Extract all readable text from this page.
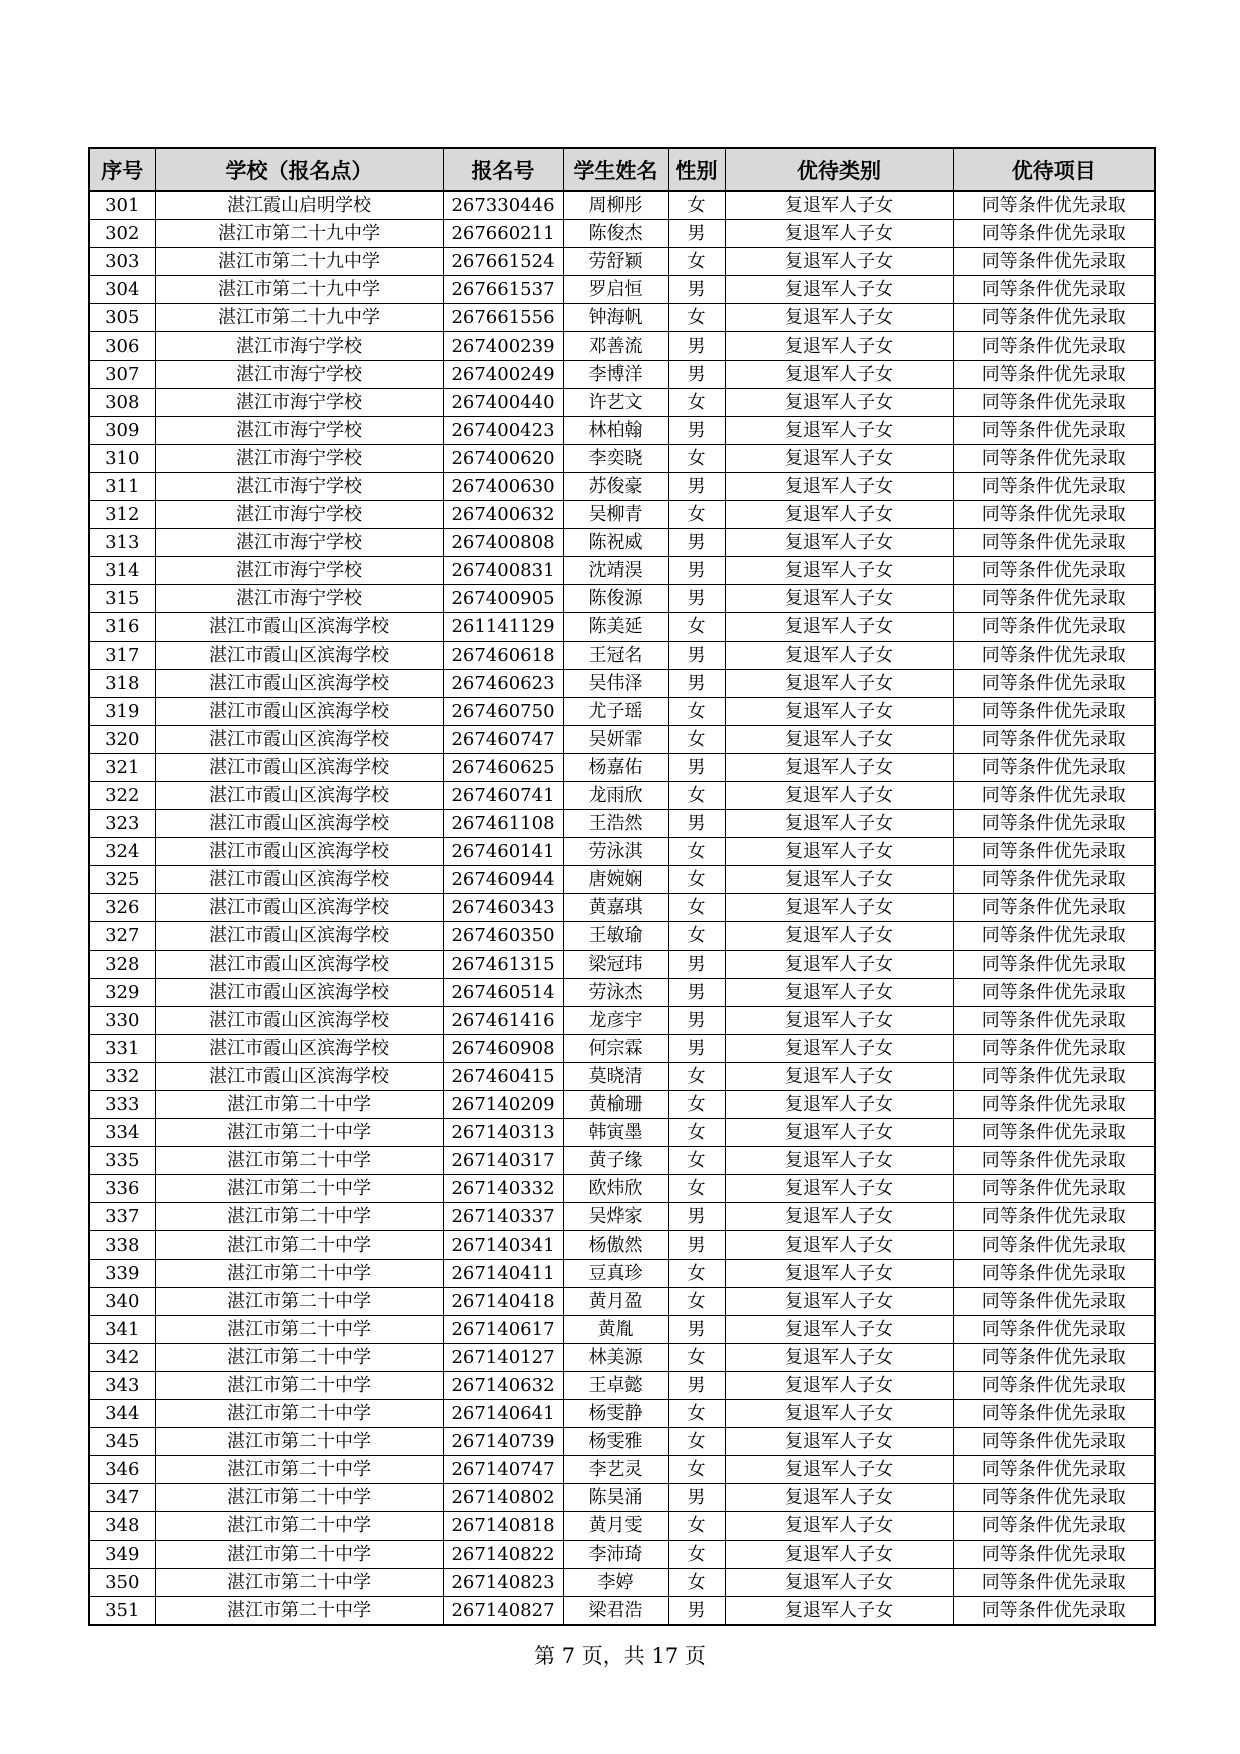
序号	学校（报名点）	报名号	学生姓名	性别	优待类别	优待项目
301	湛江霞山启明学校	267330446	周柳彤	女	复退军人子女	同等条件优先录取
302	湛江市第二十九中学	267660211	陈俊杰	男	复退军人子女	同等条件优先录取
303	湛江市第二十九中学	267661524	劳舒颖	女	复退军人子女	同等条件优先录取
304	湛江市第二十九中学	267661537	罗启恒	男	复退军人子女	同等条件优先录取
305	湛江市第二十九中学	267661556	钟海帆	女	复退军人子女	同等条件优先录取
306	湛江市海宁学校	267400239	邓善流	男	复退军人子女	同等条件优先录取
307	湛江市海宁学校	267400249	李博洋	男	复退军人子女	同等条件优先录取
308	湛江市海宁学校	267400440	许艺文	女	复退军人子女	同等条件优先录取
309	湛江市海宁学校	267400423	林柏翰	男	复退军人子女	同等条件优先录取
310	湛江市海宁学校	267400620	李奕晓	女	复退军人子女	同等条件优先录取
311	湛江市海宁学校	267400630	苏俊豪	男	复退军人子女	同等条件优先录取
312	湛江市海宁学校	267400632	吴柳青	女	复退军人子女	同等条件优先录取
313	湛江市海宁学校	267400808	陈祝威	男	复退军人子女	同等条件优先录取
314	湛江市海宁学校	267400831	沈靖淏	男	复退军人子女	同等条件优先录取
315	湛江市海宁学校	267400905	陈俊源	男	复退军人子女	同等条件优先录取
316	湛江市霞山区滨海学校	261141129	陈美延	女	复退军人子女	同等条件优先录取
317	湛江市霞山区滨海学校	267460618	王冠名	男	复退军人子女	同等条件优先录取
318	湛江市霞山区滨海学校	267460623	吴伟泽	男	复退军人子女	同等条件优先录取
319	湛江市霞山区滨海学校	267460750	尤子瑶	女	复退军人子女	同等条件优先录取
320	湛江市霞山区滨海学校	267460747	吴妍霏	女	复退军人子女	同等条件优先录取
321	湛江市霞山区滨海学校	267460625	杨嘉佑	男	复退军人子女	同等条件优先录取
322	湛江市霞山区滨海学校	267460741	龙雨欣	女	复退军人子女	同等条件优先录取
323	湛江市霞山区滨海学校	267461108	王浩然	男	复退军人子女	同等条件优先录取
324	湛江市霞山区滨海学校	267460141	劳泳淇	女	复退军人子女	同等条件优先录取
325	湛江市霞山区滨海学校	267460944	唐婉娴	女	复退军人子女	同等条件优先录取
326	湛江市霞山区滨海学校	267460343	黄嘉琪	女	复退军人子女	同等条件优先录取
327	湛江市霞山区滨海学校	267460350	王敏瑜	女	复退军人子女	同等条件优先录取
328	湛江市霞山区滨海学校	267461315	梁冠玮	男	复退军人子女	同等条件优先录取
329	湛江市霞山区滨海学校	267460514	劳泳杰	男	复退军人子女	同等条件优先录取
330	湛江市霞山区滨海学校	267461416	龙彦宇	男	复退军人子女	同等条件优先录取
331	湛江市霞山区滨海学校	267460908	何宗霖	男	复退军人子女	同等条件优先录取
332	湛江市霞山区滨海学校	267460415	莫晓清	女	复退军人子女	同等条件优先录取
333	湛江市第二十中学	267140209	黄榆珊	女	复退军人子女	同等条件优先录取
334	湛江市第二十中学	267140313	韩寅墨	女	复退军人子女	同等条件优先录取
335	湛江市第二十中学	267140317	黄子缘	女	复退军人子女	同等条件优先录取
336	湛江市第二十中学	267140332	欧炜欣	女	复退军人子女	同等条件优先录取
337	湛江市第二十中学	267140337	吴烨家	男	复退军人子女	同等条件优先录取
338	湛江市第二十中学	267140341	杨傲然	男	复退军人子女	同等条件优先录取
339	湛江市第二十中学	267140411	豆真珍	女	复退军人子女	同等条件优先录取
340	湛江市第二十中学	267140418	黄月盈	女	复退军人子女	同等条件优先录取
341	湛江市第二十中学	267140617	黄胤	男	复退军人子女	同等条件优先录取
342	湛江市第二十中学	267140127	林美源	女	复退军人子女	同等条件优先录取
343	湛江市第二十中学	267140632	王卓懿	男	复退军人子女	同等条件优先录取
344	湛江市第二十中学	267140641	杨雯静	女	复退军人子女	同等条件优先录取
345	湛江市第二十中学	267140739	杨雯雅	女	复退军人子女	同等条件优先录取
346	湛江市第二十中学	267140747	李艺灵	女	复退军人子女	同等条件优先录取
347	湛江市第二十中学	267140802	陈昊涌	男	复退军人子女	同等条件优先录取
348	湛江市第二十中学	267140818	黄月雯	女	复退军人子女	同等条件优先录取
349	湛江市第二十中学	267140822	李沛琦	女	复退军人子女	同等条件优先录取
350	湛江市第二十中学	267140823	李婷	女	复退军人子女	同等条件优先录取
351	湛江市第二十中学	267140827	梁君浩	男	复退军人子女	同等条件优先录取
第 7 页，共 17 页
